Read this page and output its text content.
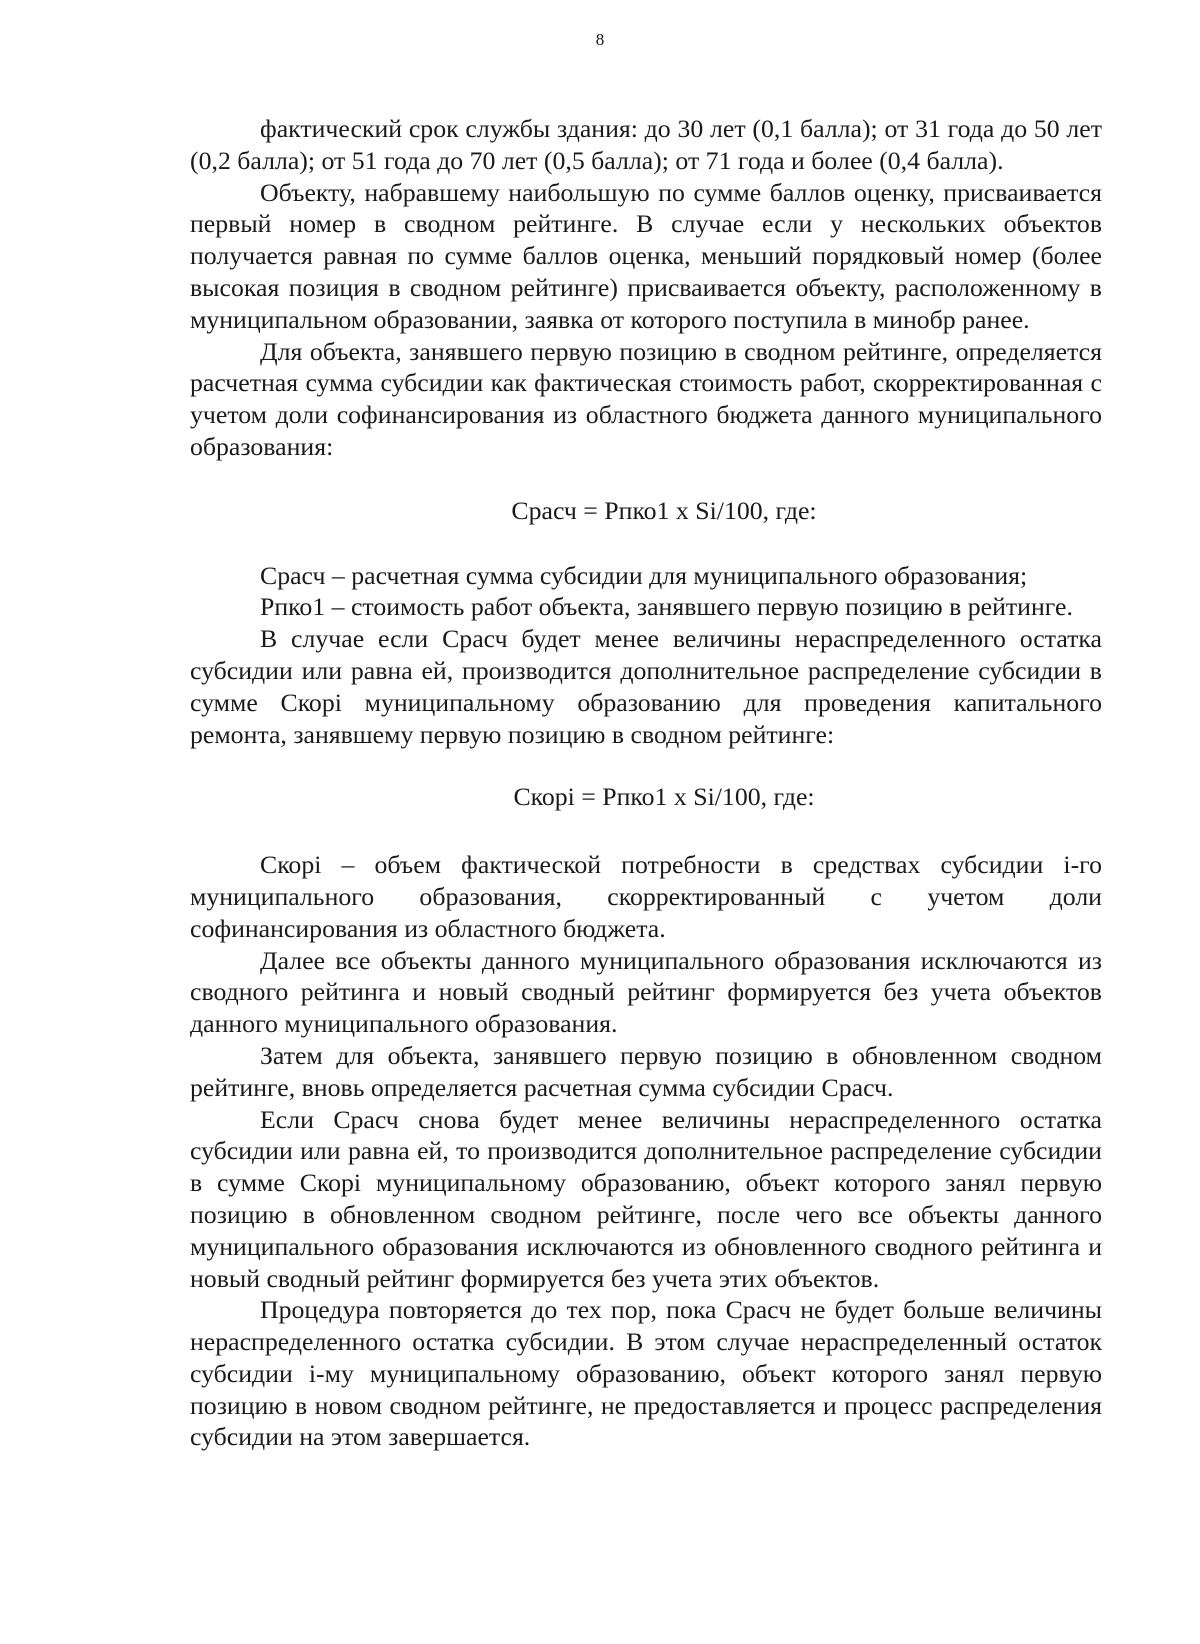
8

фактический срок службы здания: до 30 лет (0,1 балла); от 31 года до 50 лет (0,2 балла); от 51 года до 70 лет (0,5 балла); от 71 года и более (0,4 балла).

Объекту, набравшему наибольшую по сумме баллов оценку, присваивается первый номер в сводном рейтинге. В случае если у нескольких объектов получается равная по сумме баллов оценка, меньший порядковый номер (более высокая позиция в сводном рейтинге) присваивается объекту, расположенному в муниципальном образовании, заявка от которого поступила в минобр ранее.

Для объекта, занявшего первую позицию в сводном рейтинге, определяется расчетная сумма субсидии как фактическая стоимость работ, скорректированная с учетом доли софинансирования из областного бюджета данного муниципального образования:

Срасч = Рпко1 х Si/100, где:

Срасч – расчетная сумма субсидии для муниципального образования;

Рпко1 – стоимость работ объекта, занявшего первую позицию в рейтинге.

В случае если Срасч будет менее величины нераспределенного остатка субсидии или равна ей, производится дополнительное распределение субсидии в сумме Скорi муниципальному образованию для проведения капитального ремонта, занявшему первую позицию в сводном рейтинге:

Скорi = Рпко1 х Si/100, где:

Скорi – объем фактической потребности в средствах субсидии i-го муниципального образования, скорректированный с учетом доли софинансирования из областного бюджета.

Далее все объекты данного муниципального образования исключаются из сводного рейтинга и новый сводный рейтинг формируется без учета объектов данного муниципального образования.

Затем для объекта, занявшего первую позицию в обновленном сводном рейтинге, вновь определяется расчетная сумма субсидии Срасч.

Если Срасч снова будет менее величины нераспределенного остатка субсидии или равна ей, то производится дополнительное распределение субсидии в сумме Скорi муниципальному образованию, объект которого занял первую позицию в обновленном сводном рейтинге, после чего все объекты данного муниципального образования исключаются из обновленного сводного рейтинга и новый сводный рейтинг формируется без учета этих объектов.

Процедура повторяется до тех пор, пока Срасч не будет больше величины нераспределенного остатка субсидии. В этом случае нераспределенный остаток субсидии i-му муниципальному образованию, объект которого занял первую позицию в новом сводном рейтинге, не предоставляется и процесс распределения субсидии на этом завершается.
